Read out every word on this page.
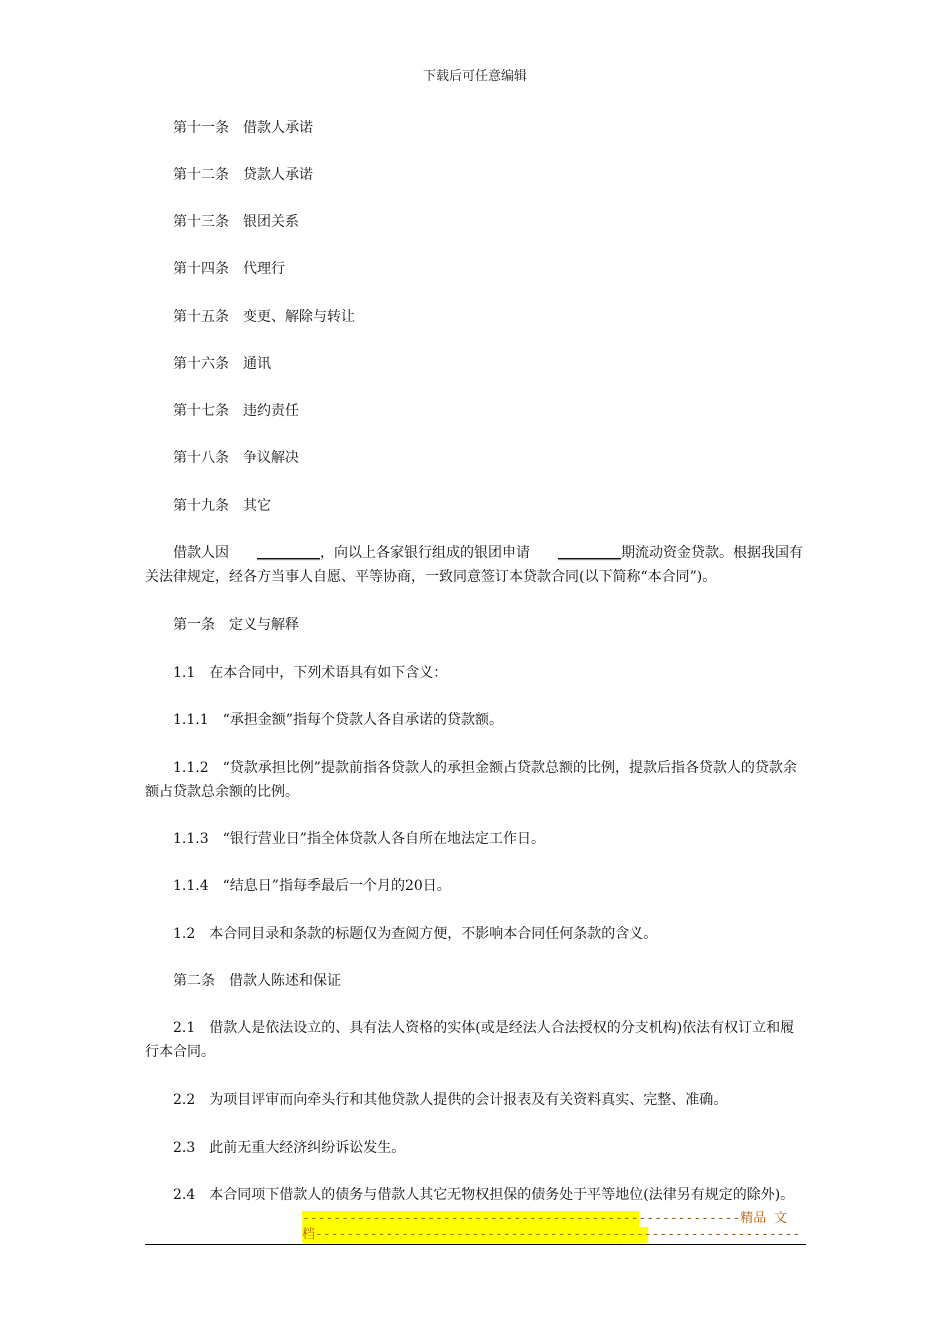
下载后可任意编辑
第十一条 借款人承诺
第十二条 贷款人承诺
第十三条 银团关系
第十四条 代理行
第十五条 变更、解除与转让
第十六条 通讯
第十七条 违约责任
第十八条 争议解决
第十九条 其它
借款人因 _________，向以上各家银行组成的银团申请 _________期流动资金贷款。根据我国有关法律规定，经各方当事人自愿、平等协商，一致同意签订本贷款合同(以下简称“本合同”)。
第一条 定义与解释
1.1 在本合同中，下列术语具有如下含义：
1.1.1 “承担金额”指每个贷款人各自承诺的贷款额。
1.1.2 “贷款承担比例”提款前指各贷款人的承担金额占贷款总额的比例，提款后指各贷款人的贷款余额占贷款总余额的比例。
1.1.3 “银行营业日”指全体贷款人各自所在地法定工作日。
1.1.4 “结息日”指每季最后一个月的20日。
1.2 本合同目录和条款的标题仅为查阅方便，不影响本合同任何条款的含义。
第二条 借款人陈述和保证
2.1 借款人是依法设立的、具有法人资格的实体(或是经法人合法授权的分支机构)依法有权订立和履行本合同。
2.2 为项目评审而向牵头行和其他贷款人提供的会计报表及有关资料真实、完整、准确。
2.3 此前无重大经济纠纷诉讼发生。
2.4 本合同项下借款人的债务与借款人其它无物权担保的债务处于平等地位(法律另有规定的除外)。
--------------------------------------------------------精品 文
档--------------------------------------------------------------
